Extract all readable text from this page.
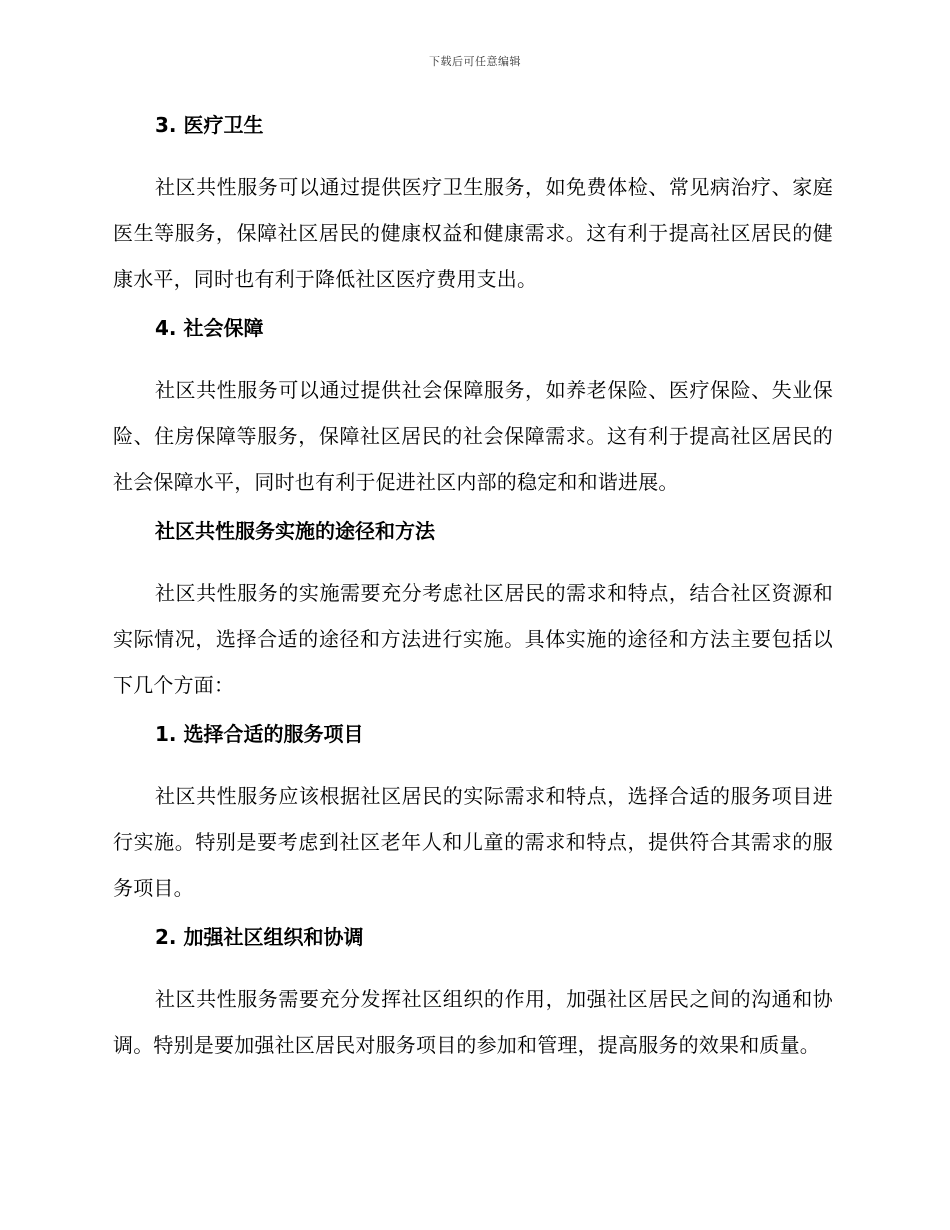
下载后可任意编辑
3. 医疗卫生

社区共性服务可以通过提供医疗卫生服务，如免费体检、常见病治疗、家庭医生等服务，保障社区居民的健康权益和健康需求。这有利于提高社区居民的健康水平，同时也有利于降低社区医疗费用支出。

4. 社会保障

社区共性服务可以通过提供社会保障服务，如养老保险、医疗保险、失业保险、住房保障等服务，保障社区居民的社会保障需求。这有利于提高社区居民的社会保障水平，同时也有利于促进社区内部的稳定和和谐进展。

社区共性服务实施的途径和方法

社区共性服务的实施需要充分考虑社区居民的需求和特点，结合社区资源和实际情况，选择合适的途径和方法进行实施。具体实施的途径和方法主要包括以下几个方面：

1. 选择合适的服务项目

社区共性服务应该根据社区居民的实际需求和特点，选择合适的服务项目进行实施。特别是要考虑到社区老年人和儿童的需求和特点，提供符合其需求的服务项目。

2. 加强社区组织和协调

社区共性服务需要充分发挥社区组织的作用，加强社区居民之间的沟通和协调。特别是要加强社区居民对服务项目的参加和管理，提高服务的效果和质量。
